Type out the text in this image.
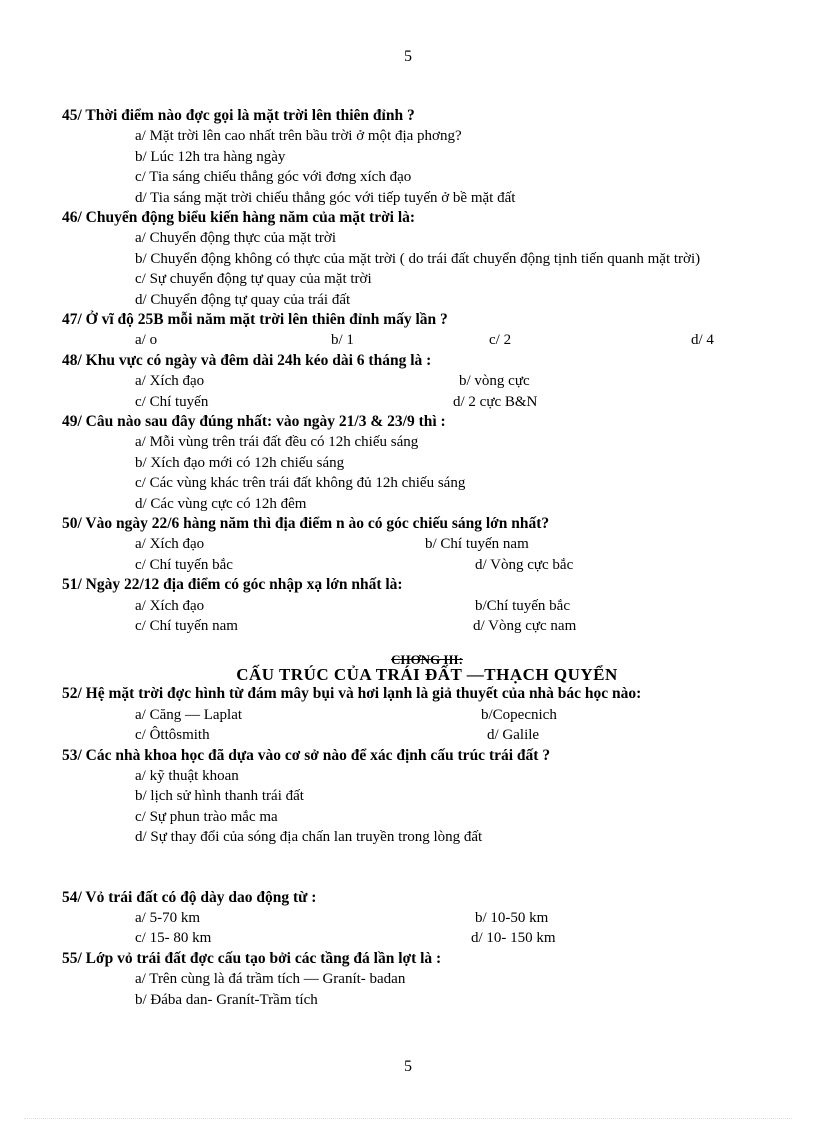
5
45/ Thời điểm nào đợc gọi là mặt trời lên thiên đỉnh ?
a/ Mặt trời lên cao nhất trên bầu trời ở một địa phơng?
b/ Lúc 12h tra hàng ngày
c/ Tia sáng chiếu thẳng góc với đơng xích đạo
d/ Tia sáng mặt trời chiếu thẳng góc với tiếp tuyến ở bề mặt đất
46/ Chuyển động biểu kiến hàng năm của mặt trời là:
a/ Chuyển động thực của mặt trời
b/ Chuyển động không có thực của mặt trời ( do trái đất chuyển động tịnh tiến quanh mặt trời)
c/ Sự chuyển động tự quay của mặt trời
d/ Chuyển động tự quay của trái đất
47/ Ở vĩ độ 25B mỗi năm mặt trời lên thiên đỉnh mấy lần ?
a/ o	b/ 1	c/ 2	d/ 4
48/ Khu vực có ngày và đêm dài 24h kéo dài 6 tháng là :
a/ Xích đạo	b/ vòng cực
c/ Chí tuyến	d/ 2 cực B&N
49/ Câu nào sau đây đúng nhất: vào ngày 21/3 & 23/9 thì :
a/ Mỗi vùng trên trái đất đều có 12h chiếu sáng
b/ Xích đạo mới có 12h chiếu sáng
c/ Các vùng khác trên trái đất không đủ 12h chiếu sáng
d/ Các vùng cực có 12h đêm
50/ Vào ngày 22/6 hàng năm thì địa điểm n ào có góc chiếu sáng lớn nhất?
a/ Xích đạo	b/ Chí tuyến nam
c/ Chí tuyến bắc	d/ Vòng cực bắc
51/ Ngày 22/12 địa điểm có góc nhập xạ lớn nhất là:
a/ Xích đạo	b/Chí tuyến bắc
c/ Chí tuyến nam	d/ Vòng cực nam
CHƠNG III:
CẤU TRÚC CỦA TRÁI ĐẤT —THẠCH QUYỂN
52/ Hệ mặt trời đợc hình từ đám mây bụi và hơi lạnh là giả thuyết của nhà bác học nào:
a/ Căng — Laplat	b/Copecnich
c/ Ôttôsmith	d/ Galile
53/ Các nhà khoa học đã dựa vào cơ sở nào để xác định cấu trúc trái đất ?
a/ kỹ thuật khoan
b/ lịch sử hình thanh trái đất
c/ Sự phun trào mắc ma
d/ Sự thay đổi của sóng địa chấn lan truyền trong lòng đất
54/ Vỏ trái đất có độ dày dao động từ :
a/ 5-70 km	b/ 10-50 km
c/ 15- 80 km	d/ 10- 150 km
55/ Lớp vỏ trái đất đợc cấu tạo bởi các tầng đá lần lợt là :
a/ Trên cùng là đá trầm tích — Granít- badan
b/ Đába dan- Granít-Trầm tích
5
